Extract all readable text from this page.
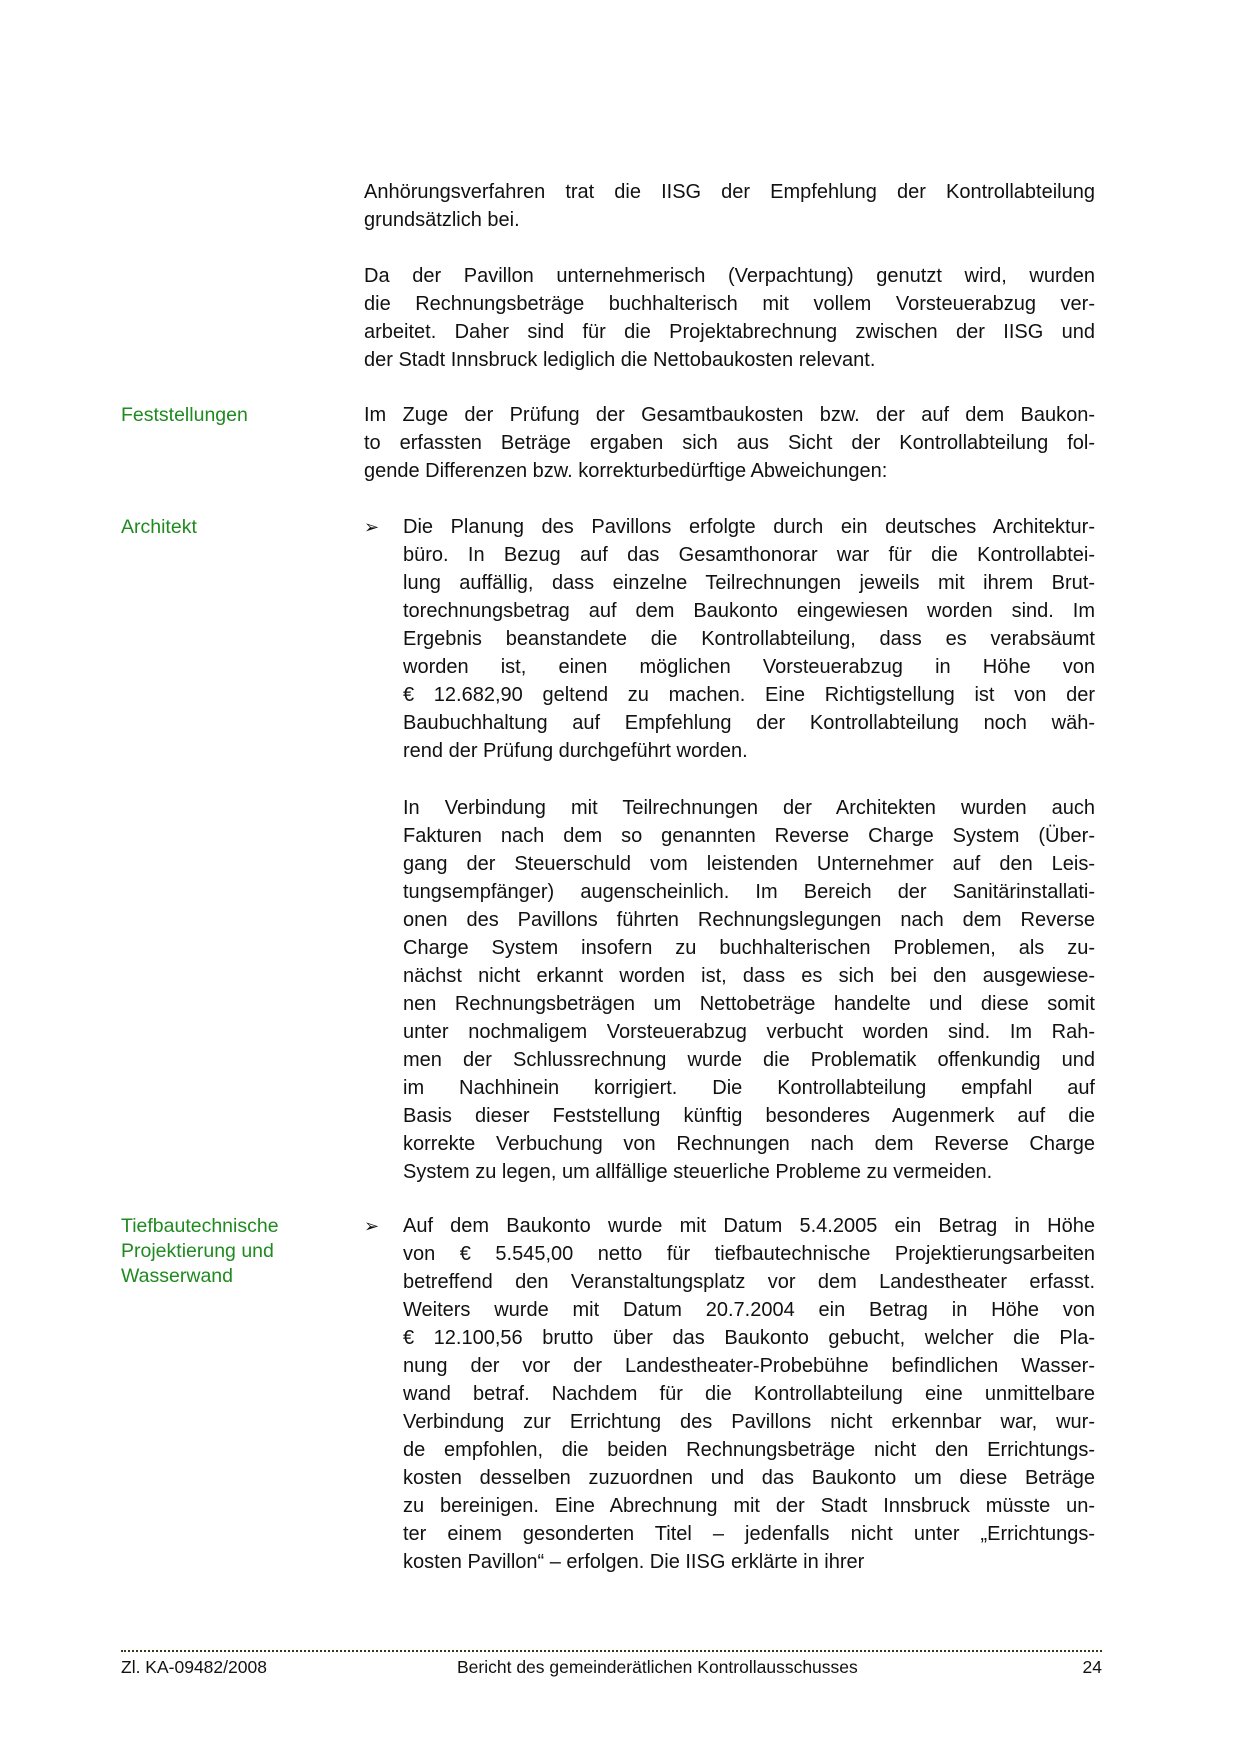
Anhörungsverfahren trat die IISG der Empfehlung der Kontrollabteilung
grundsätzlich bei.
Da der Pavillon unternehmerisch (Verpachtung) genutzt wird, wurden
die Rechnungsbeträge buchhalterisch mit vollem Vorsteuerabzug ver-
arbeitet. Daher sind für die Projektabrechnung zwischen der IISG und
der Stadt Innsbruck lediglich die Nettobaukosten relevant.
Feststellungen	Im Zuge der Prüfung der Gesamtbaukosten bzw. der auf dem Baukon-
to erfassten Beträge ergaben sich aus Sicht der Kontrollabteilung fol-
gende Differenzen bzw. korrekturbedürftige Abweichungen:
Architekt	➢ Die Planung des Pavillons erfolgte durch ein deutsches Architektur-
büro. In Bezug auf das Gesamthonorar war für die Kontrollabtei-
lung auffällig, dass einzelne Teilrechnungen jeweils mit ihrem Brut-
torechnungsbetrag auf dem Baukonto eingewiesen worden sind. Im
Ergebnis beanstandete die Kontrollabteilung, dass es verabsäumt
worden ist, einen möglichen Vorsteuerabzug in Höhe von
€ 12.682,90 geltend zu machen. Eine Richtigstellung ist von der
Baubuchhaltung auf Empfehlung der Kontrollabteilung noch wäh-
rend der Prüfung durchgeführt worden.
In Verbindung mit Teilrechnungen der Architekten wurden auch
Fakturen nach dem so genannten Reverse Charge System (Über-
gang der Steuerschuld vom leistenden Unternehmer auf den Leis-
tungsempfänger) augenscheinlich. Im Bereich der Sanitärinstallati-
onen des Pavillons führten Rechnungslegungen nach dem Reverse
Charge System insofern zu buchhalterischen Problemen, als zu-
nächst nicht erkannt worden ist, dass es sich bei den ausgewiese-
nen Rechnungsbeträgen um Nettobeträge handelte und diese somit
unter nochmaligem Vorsteuerabzug verbucht worden sind. Im Rah-
men der Schlussrechnung wurde die Problematik offenkundig und
im Nachhinein korrigiert. Die Kontrollabteilung empfahl auf
Basis dieser Feststellung künftig besonderes Augenmerk auf die
korrekte Verbuchung von Rechnungen nach dem Reverse Charge
System zu legen, um allfällige steuerliche Probleme zu vermeiden.
Tiefbautechnische
Projektierung und
Wasserwand
➢ Auf dem Baukonto wurde mit Datum 5.4.2005 ein Betrag in Höhe
von € 5.545,00 netto für tiefbautechnische Projektierungsarbeiten
betreffend den Veranstaltungsplatz vor dem Landestheater erfasst.
Weiters wurde mit Datum 20.7.2004 ein Betrag in Höhe von
€ 12.100,56 brutto über das Baukonto gebucht, welcher die Pla-
nung der vor der Landestheater-Probebühne befindlichen Wasser-
wand betraf. Nachdem für die Kontrollabteilung eine unmittelbare
Verbindung zur Errichtung des Pavillons nicht erkennbar war, wur-
de empfohlen, die beiden Rechnungsbeträge nicht den Errichtungs-
kosten desselben zuzuordnen und das Baukonto um diese Beträge
zu bereinigen. Eine Abrechnung mit der Stadt Innsbruck müsste un-
ter einem gesonderten Titel – jedenfalls nicht unter „Errichtungs-
kosten Pavillon“ – erfolgen. Die IISG erklärte in ihrer
Zl. KA-09482/2008	Bericht des gemeinderätlichen Kontrollausschusses	24
